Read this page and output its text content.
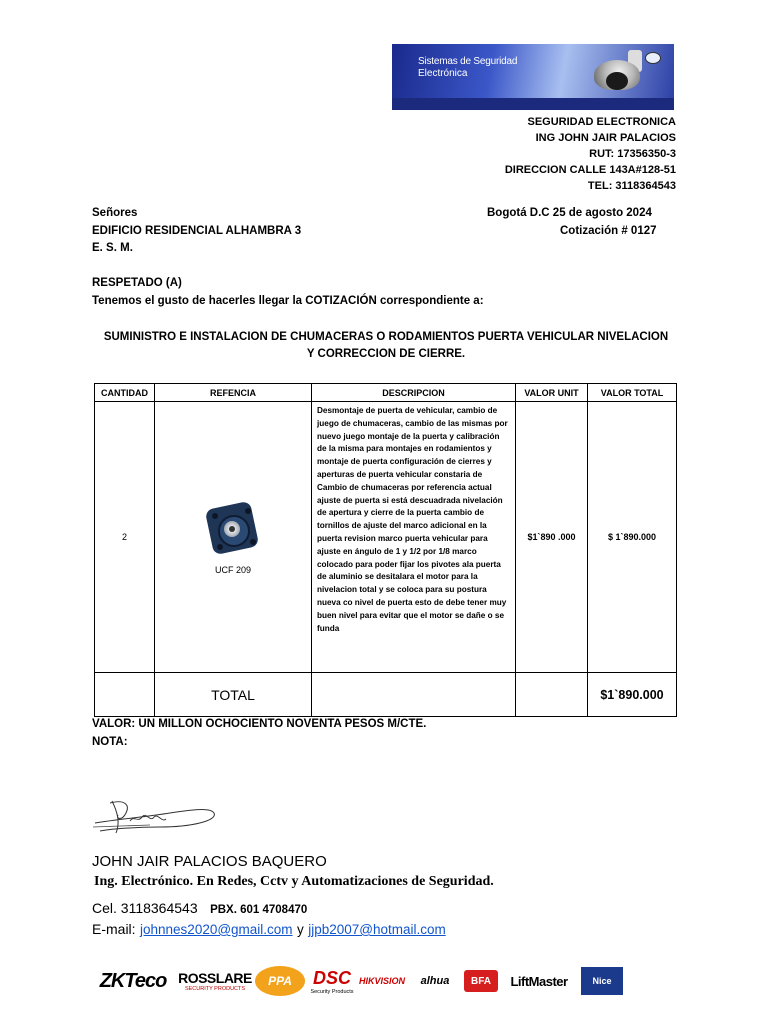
Sistemas de Seguridad
Electrónica
SEGURIDAD ELECTRONICA
ING JOHN JAIR PALACIOS
RUT: 17356350-3
DIRECCION CALLE 143A#128-51
TEL: 3118364543
Señores
EDIFICIO RESIDENCIAL ALHAMBRA 3
E. S. M.
Bogotá D.C 25 de agosto 2024
Cotización # 0127
RESPETADO (A)
Tenemos el gusto de hacerles llegar la COTIZACIÓN correspondiente a:
SUMINISTRO E INSTALACION DE CHUMACERAS O RODAMIENTOS PUERTA VEHICULAR NIVELACION
Y CORRECCION DE CIERRE.
CANTIDAD	REFENCIA	DESCRIPCION	VALOR UNIT	VALOR TOTAL
2	UCF 209	Desmontaje de puerta de vehicular, cambio de juego de chumaceras, cambio de las mismas por nuevo juego montaje de la puerta y calibración de la misma para montajes en rodamientos y montaje de puerta configuración de cierres y aperturas de puerta vehicular constaria de Cambio de chumaceras por referencia actual ajuste de puerta si está descuadrada nivelación de apertura y cierre de la puerta cambio de tornillos de ajuste del marco adicional en la puerta revision marco puerta vehicular para ajuste en ángulo de 1 y 1/2 por 1/8 marco colocado para poder fijar los pivotes ala puerta de aluminio se desitalara el motor para la nivelacion total y se coloca para su postura nueva co nivel de puerta esto de debe tener muy buen nivel para evitar que el motor se dañe o se funda	$1`890 .000	$ 1`890.000
	TOTAL			$1`890.000
VALOR: UN MILLON OCHOCIENTO NOVENTA PESOS M/CTE.
NOTA:
JOHN JAIR PALACIOS BAQUERO
Ing. Electrónico. En Redes, Cctv y Automatizaciones de Seguridad.
Cel. 3118364543 PBX. 601 4708470
E-mail: johnnes2020@gmail.com y jjpb2007@hotmail.com
ZKTeco ROSSLARE
SECURITY PRODUCTS
PPA DSC
Security Products
HIKVISION alhua BFA LiftMaster	Nice
